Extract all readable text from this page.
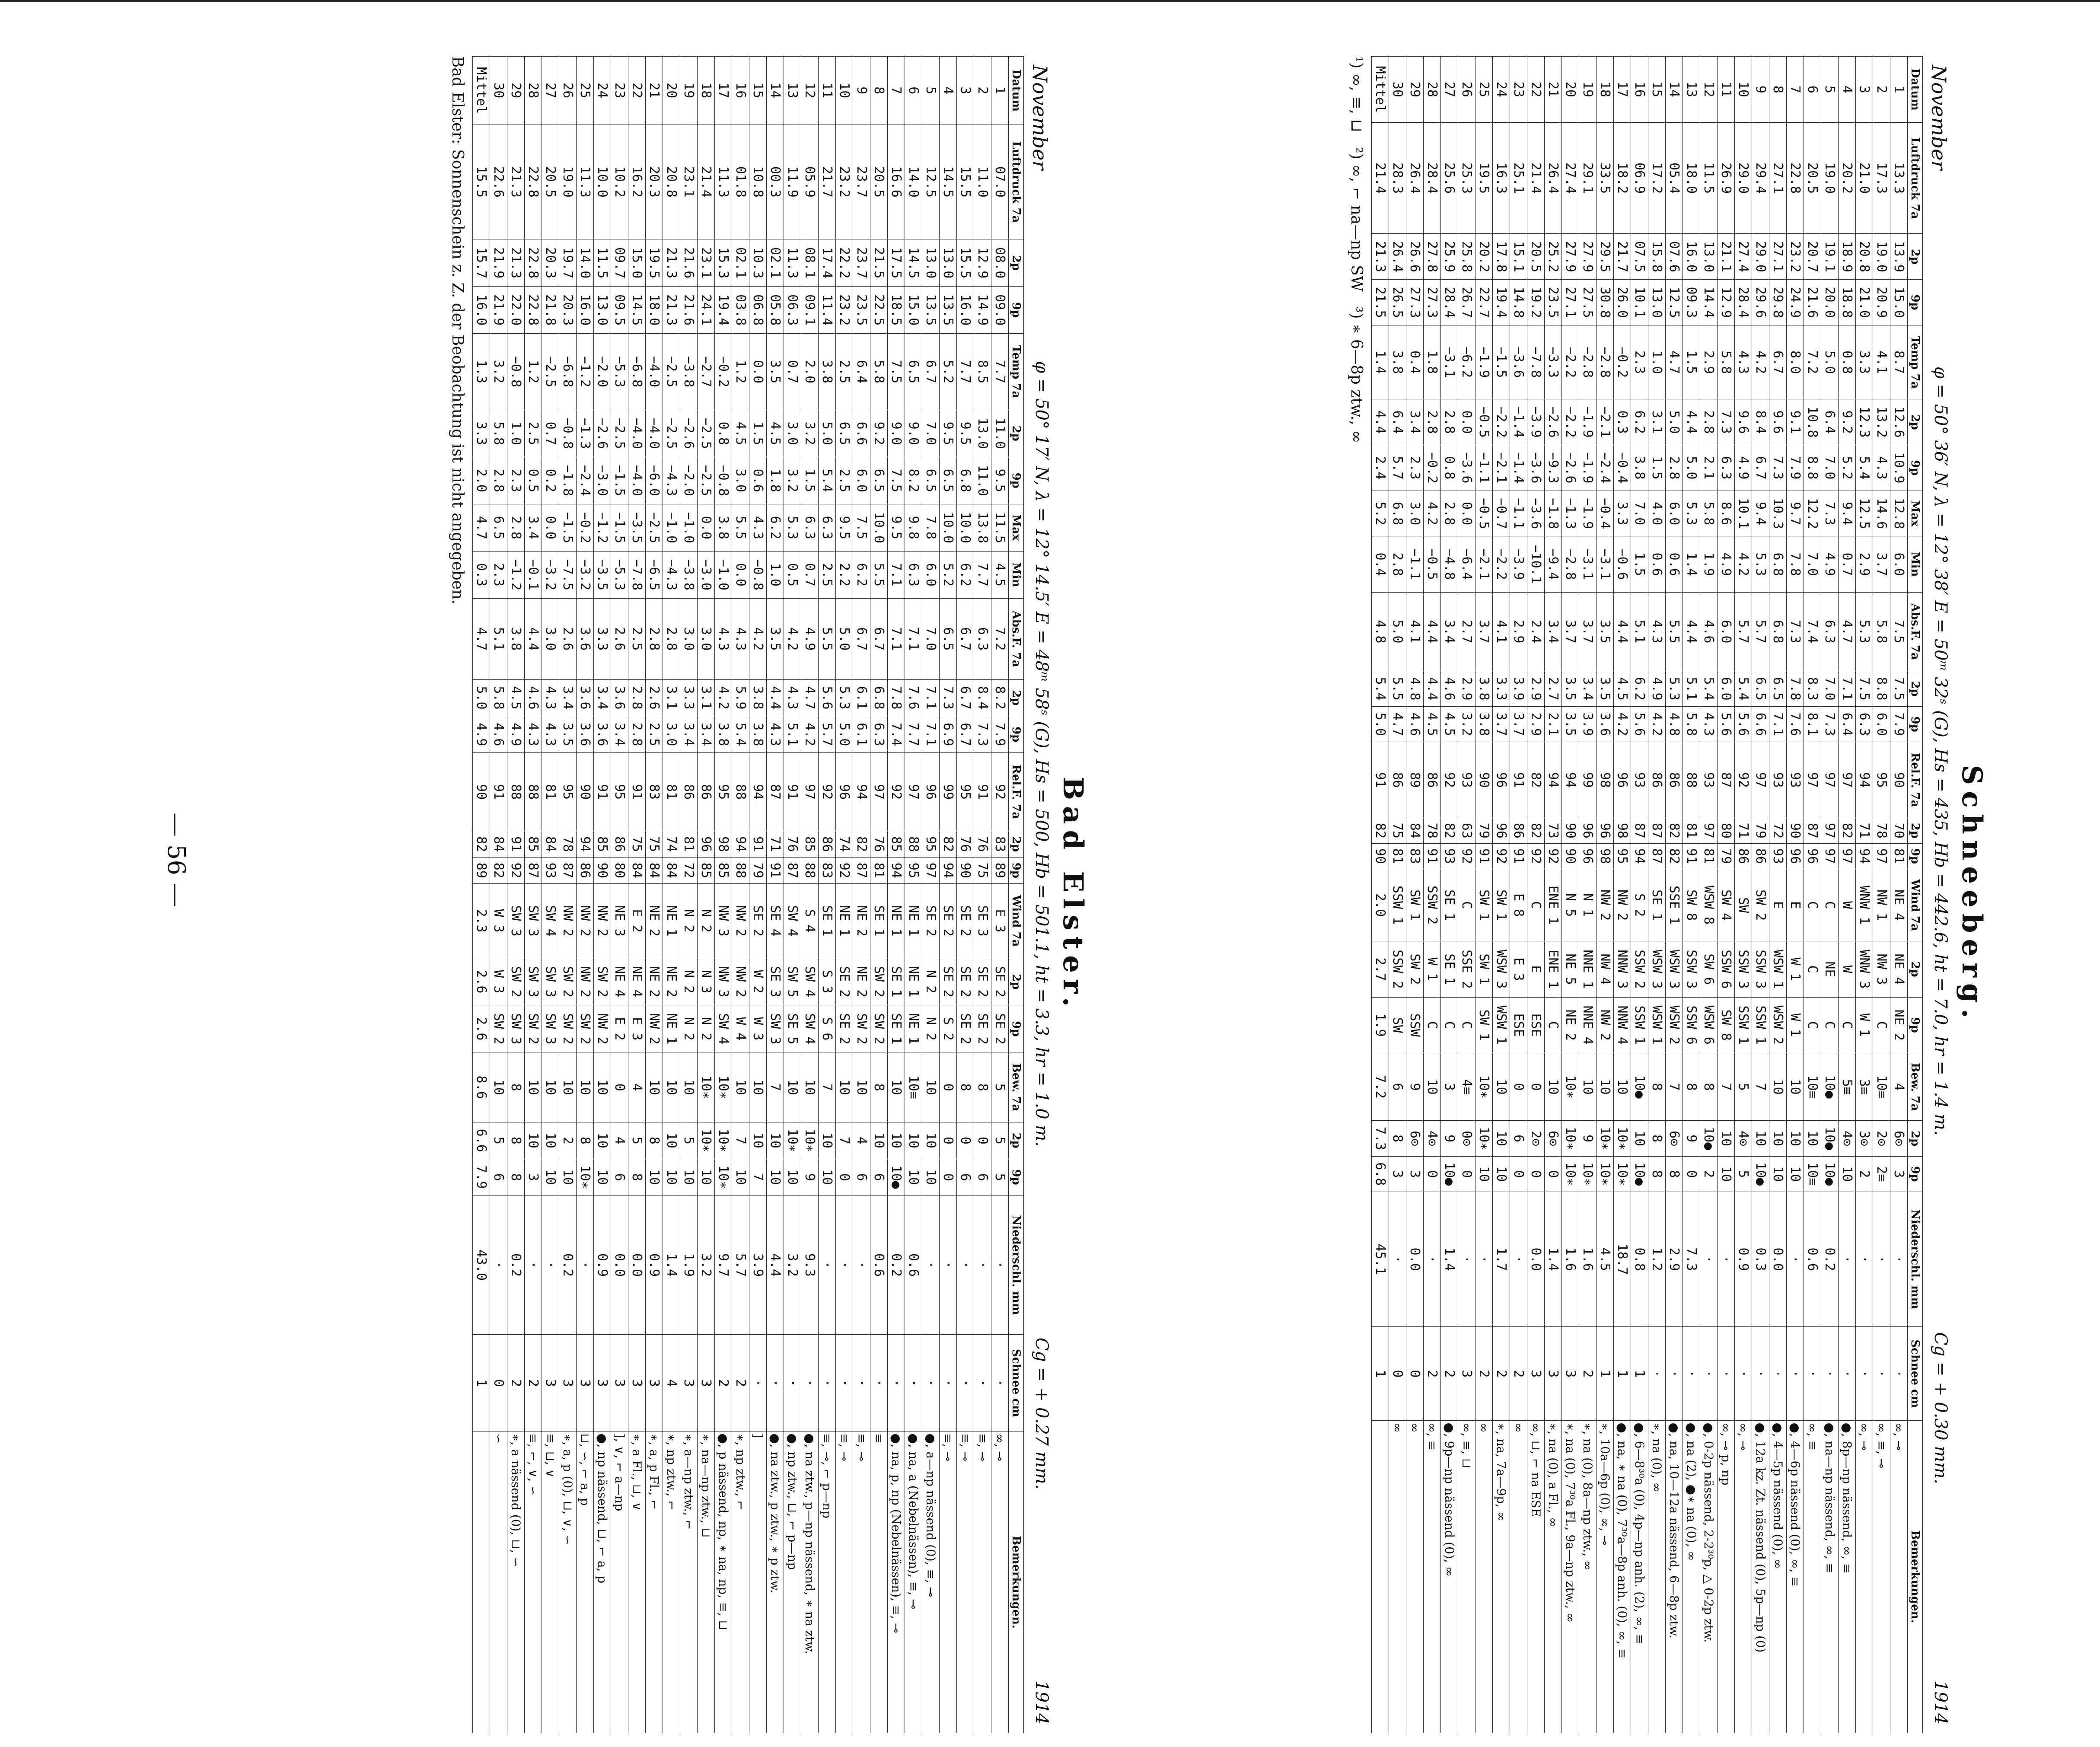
— 56 —	Schneeberg.
November
φ = 50° 36′ N, λ = 12° 38′ E = 50ᵐ 32ˢ (G), Hs = 435, Hb = 442.6, ht = 7.0, hr = 1.4 m.
Cg = + 0.30 mm.
1914
Datum	Luftdruck 7a	2p	9p	Temp 7a	2p	9p	Max	Min	Abs.F. 7a	2p	9p	Rel.F. 7a	2p	9p	Wind 7a	2p	9p	Bew. 7a	2p	9p	Niederschl. mm	Schnee cm	Bemerkungen.
1	13.3	13.9	15.0	8.7	12.6	10.9	12.8	6.0	7.5	7.5	7.9	90	70	81	NE 4	NE 4	NE 2	4	6⊙	3	·	·	∞, ⊸
2	17.3	19.0	20.9	4.1	13.2	4.3	14.6	3.7	5.8	8.8	6.0	95	78	97	NW 1	NW 3	C	10≡	2⊙	2≡	·	·	∞, ≡, ⊸
3	21.0	20.8	21.0	3.3	12.3	5.4	12.5	2.9	5.3	7.5	6.3	94	71	94	WNW 1	WNW 3	W 1	3≡	3⊙	2	·	·	∞, ⊸
4	20.2	18.9	18.8	0.8	9.2	5.2	9.4	0.7	4.7	7.1	6.4	97	82	97	W	W	C	5≡	4⊙	10	·	·	●, 8p—np nässend, ∞, ≡
5	19.0	19.1	20.0	5.0	6.4	7.0	7.3	4.9	6.3	7.0	7.3	97	97	97	C	NE	C	10●	10●	10●	0.2	·	●, na—np nässend, ∞, ≡
6	20.5	20.7	21.6	7.2	10.8	8.8	12.2	7.0	7.4	8.3	8.1	97	87	96	C	C	C	10≡	10	10≡	0.6	·	∞, ≡
7	22.8	23.2	24.9	8.0	9.1	7.9	9.7	7.8	7.3	7.8	7.6	93	90	96	E	W 1	W 1	10	10	10	·	·	●, 4—6p nässend (0), ∞, ≡
8	27.1	27.1	29.8	6.7	9.6	7.3	10.3	6.8	6.8	6.5	7.1	93	72	93	E	WSW 1	WSW 2	10	10	10	0.0	·	●, 4—5p nässend (0), ∞
9	29.4	29.0	29.6	4.2	8.4	6.7	9.4	5.3	5.7	6.5	6.6	97	79	86	SW 2	SSW 3	SSW 1	7	10	10●	0.3	·	●, 12a kz. Zt. nässend (0), 5p—np (0)
10	29.0	27.4	28.4	4.3	9.6	4.9	10.1	4.2	5.7	5.4	5.6	92	71	86	SW	SSW 3	SSW 1	5	4⊙	5	0.9	·	∞, ⊸
11	26.9	21.1	12.9	5.8	7.3	6.3	8.6	4.9	6.0	6.0	5.6	87	80	79	SW 4	SSW 6	SW 8	7	10	10	·	·	∞, ⊸ p, np
12	11.5	13.0	14.4	2.9	2.8	2.1	5.8	1.9	4.6	5.4	4.3	93	97	81	WSW 8	SW 6	WSW 6	8	10●	2	·	·	●, 0-2p nässend, 2-2³⁰p, △ 0-2p ztw.
13	18.0	16.0	09.3	1.5	4.4	5.0	5.3	1.4	4.4	5.1	5.8	88	81	91	SW 8	SSW 3	SSW 6	8	9	0	7.3	·	●, na (2), ●∗ na (0), ∞
14	05.4	07.6	12.5	4.7	5.0	2.8	6.0	0.6	5.5	5.3	4.8	86	82	82	SSE 1	WSW 3	WSW 2	7	6⊙	8	2.9	·	●, na, 10—12a nässend, 6—8p ztw.
15	17.2	15.8	13.0	1.0	3.1	1.5	4.0	0.6	4.3	4.9	4.2	86	87	87	SE 1	WSW 3	WSW 1	8	8	8	1.2	·	∗, na (0), ∞
16	06.9	07.5	10.1	2.3	6.2	3.8	7.0	1.5	5.1	6.2	5.6	93	87	94	S 2	SSW 2	SSW 1	10●	10	10●	0.8	1	●, 6—8³⁰a (0), 4p—np anh. (2), ∞, ≡
17	18.2	21.7	26.0	−0.2	0.3	−0.4	3.3	−0.6	4.4	4.5	4.2	96	98	95	NW 2	NNW 3	NNW 4	10	10∗	10∗	18.7	1	●, na, ∗ na (0), 7³⁰a—8p anh. (0), ∞, ≡
18	33.5	29.5	30.8	−2.8	−2.1	−2.4	−0.4	−3.1	3.5	3.5	3.6	98	96	98	NW 2	NW 4	NW 2	10	10∗	10∗	4.5	1	∗, 10a—6p (0), ∞, ⊸
19	29.1	27.9	27.5	−2.8	−1.9	−1.9	−1.9	−3.1	3.7	3.4	3.9	99	96	96	N 1	NNE 1	NNE 4	10	9	10∗	1.6	2	∗, na (0), 8a—np ztw., ∞
20	27.4	27.9	27.1	−2.2	−2.2	−2.6	−1.3	−2.8	3.7	3.5	3.5	94	90	90	N 5	NE 5	NE 2	10∗	10∗	10∗	1.6	3	∗, na (0), 7³⁰a Fl., 9a—np ztw., ∞
21	26.4	25.2	23.5	−3.3	−2.6	−9.3	−1.8	−9.4	3.4	2.7	2.1	94	73	92	ENE 1	ENE 1	C	10	6⊙	0	1.4	3	∗, na (0), a Fl., ∞
22	21.4	20.5	19.2	−7.8	−3.9	−3.6	−3.6	−10.1	2.4	2.9	2.9	82	82	92	C	E	ESE	0	2⊙	0	0.0	3	∞, ⊔, ⌐ na ESE
23	25.1	15.1	14.8	−3.6	−1.4	−1.4	−1.1	−3.9	2.9	3.9	3.7	91	86	91	E 8	E 3	ESE	0	6	0	·	2	∞
24	16.3	17.8	19.4	−1.5	−2.2	−2.1	−0.7	−2.2	4.1	3.3	3.7	96	96	92	SW 1	WSW 3	WSW 1	10	10	10	1.7	2	∗, na, 7a—9p, ∞
25	19.5	20.2	22.7	−1.9	−0.5	−1.1	−0.5	−2.1	3.7	3.8	3.8	90	79	91	SW 1	SW 1	SW 1	10∗	10∗	10	·	2	∞
26	25.3	25.8	26.7	−6.2	0.0	−3.6	0.0	−6.4	2.7	2.9	3.2	93	63	92	C	SSE 2	C	4≡	0⊙	0	·	3	∞, ≡, ⊔
27	25.6	25.9	28.4	−3.1	2.8	0.8	2.8	−4.8	3.4	4.6	4.5	92	82	93	SE 1	SE 1	C	3	9	10●	1.4	2	●, 9p—np nässend (0), ∞
28	28.4	27.8	27.3	1.8	2.8	−0.2	4.2	−0.5	4.4	4.4	4.5	86	78	91	SSW 2	W 1	C	10	4⊙	0	·	2	∞, ≡
29	26.4	26.6	27.3	0.4	3.4	2.3	3.0	−1.1	4.1	4.8	4.6	89	84	83	SW 1	SW 2	SSW	9	6⊙	3	0.0	0	∞
30	28.3	26.4	26.5	3.8	6.4	5.7	6.8	2.8	5.0	5.5	4.7	86	75	81	SSW 1	SSW 2	SW	6	8	3	·	0	∞
Mittel	21.4	21.3	21.5	1.4	4.4	2.4	5.2	0.4	4.8	5.4	5.0	91	82	90	2.0	2.7	1.9	7.2	7.3	6.8	45.1	1	
¹) ∞, ≡, ⊔   ²) ∞, ⌐ na—np SW   ³) ∗ 6—8p ztw., ∞
Bad Elster.
November
φ = 50° 17′ N, λ = 12° 14.5′ E = 48ᵐ 58ˢ (G), Hs = 500, Hb = 501.1, ht = 3.3, hr = 1.0 m.
Cg = + 0.27 mm.
1914
Datum	Luftdruck 7a	2p	9p	Temp 7a	2p	9p	Max	Min	Abs.F. 7a	2p	9p	Rel.F. 7a	2p	9p	Wind 7a	2p	9p	Bew. 7a	2p	9p	Niederschl. mm	Schnee cm	Bemerkungen.
1	07.0	08.0	09.0	7.7	11.0	9.5	11.5	4.5	7.2	8.2	7.9	92	83	89	E 3	SE 2	SE 2	5	5	5	·	·	∞, ⊸
2	11.0	12.9	14.9	8.5	13.0	11.0	13.8	7.7	6.3	8.4	7.3	91	76	75	SE 3	SE 2	SE 2	8	0	6	·	·	≡, ⊸
3	15.5	15.5	16.0	7.7	9.5	6.8	10.0	6.2	6.7	6.7	6.7	95	76	90	SE 2	SE 2	SE 2	8	0	6	·	·	≡, ⊸
4	14.5	13.0	13.5	5.2	9.5	6.5	10.0	5.2	6.5	7.3	6.9	99	82	94	SE 2	SE 2	S 2	0	0	0	·	·	≡, ⊸
5	12.5	13.0	13.5	6.7	7.0	6.5	7.8	6.0	7.0	7.1	7.1	96	95	97	SE 2	N 2	N 2	10	10	10	·	·	●, a—np nässend (0), ≡, ⊸
6	14.0	14.5	15.0	6.5	9.0	8.2	9.8	6.3	7.1	7.6	7.7	97	88	95	NE 1	NE 1	NE 1	10≡	10	10	0.6	·	●, na, a (Nebelnässen), ≡, ⊸
7	16.6	17.5	18.5	7.5	9.0	7.5	9.5	7.1	7.1	7.8	7.4	92	85	94	NE 1	SE 1	SE 1	10	10	10●	0.2	·	●, na, p, np (Nebelnässen), ≡, ⊸
8	20.5	21.5	22.5	5.8	9.2	6.5	10.0	5.5	6.7	6.8	6.3	97	76	81	SE 1	SW 2	SW 2	8	10	6	0.6	·	≡
9	23.7	23.7	23.5	6.4	6.6	6.0	7.5	6.2	6.7	6.1	6.1	94	82	87	NE 2	NE 2	SW 2	10	4	6	·	·	≡, ⊸
10	23.2	22.2	23.2	2.5	6.5	2.5	9.5	2.2	5.0	5.3	5.0	96	74	92	NE 1	SE 2	SE 2	10	7	0	·	·	≡, ⊸
11	21.7	17.4	11.4	3.8	5.0	5.4	6.3	2.5	5.5	5.6	5.7	92	86	83	SE 1	S 3	S 6	7	10	10	·	·	≡, ⊸, ⌐ p—np
12	05.9	08.1	09.1	2.0	3.2	1.5	6.3	0.7	4.9	4.7	4.2	97	85	88	S 4	SW 4	SW 4	10	10∗	9	9.3	·	●, na ztw., p—np nässend, ∗ na ztw.
13	11.9	11.3	06.3	0.7	3.0	3.2	5.3	0.5	4.2	4.3	5.1	91	76	87	SW 4	SW 5	SE 5	10	10∗	10	3.2	·	●, np ztw., ⊔, ⌐ p—np
14	00.3	02.1	05.8	3.5	4.5	1.8	6.2	1.0	3.5	4.4	4.3	87	71	91	SE 4	SE 3	SW 3	7	10	10	4.4	·	●, na ztw., p ztw., ∗ p ztw.
15	10.8	10.3	06.8	0.0	1.5	0.6	4.3	−0.8	4.2	3.8	3.8	94	91	79	SE 2	W 2	W 3	10	10	7	3.9	·	]
16	01.8	02.1	03.8	1.2	4.5	3.0	5.5	0.0	4.3	5.9	5.4	88	94	88	NW 2	NW 2	W 4	10	7	10	5.7	2	∗, np ztw., ⌐
17	11.3	15.3	19.4	−0.2	0.8	−0.8	3.8	−1.0	4.3	4.2	3.8	95	98	85	NW 3	NW 3	SW 4	10∗	10∗	10∗	9.7	2	●, p nässend, np, ∗ na, np, ≡, ⊔
18	21.4	23.1	24.1	−2.7	−2.5	−2.5	0.0	−3.0	3.0	3.1	3.4	86	96	85	N 2	N 3	N 2	10∗	10∗	10	3.2	3	∗, na—np ztw., ⊔
19	23.1	21.6	21.6	−3.8	−2.6	−2.0	−1.0	−3.8	3.0	3.3	3.4	86	81	72	N 2	N 2	N 2	10	5	10	1.9	3	∗, a—np ztw., ⌐
20	20.8	21.3	21.3	−2.5	−2.5	−4.3	−1.0	−4.3	2.8	3.1	3.0	81	74	84	NE 1	NE 2	NE 1	10	10	10	1.4	4	∗, np ztw., ⌐
21	20.3	19.5	18.0	−4.0	−4.0	−6.0	−2.5	−6.5	2.8	2.6	2.5	83	75	84	NE 2	NE 2	NW 2	10	8	10	0.9	3	∗, a, p Fl., ⌐
22	16.2	15.0	14.5	−6.8	−4.0	−4.0	−3.5	−7.8	2.5	2.8	2.8	91	75	84	E 2	NE 4	E 3	4	5	8	0.0	3	∗, a Fl., ⊔, ∨
23	10.2	09.7	09.5	−5.3	−2.5	−1.5	−1.5	−5.3	2.6	3.6	3.4	95	86	80	NE 3	NE 4	E 2	0	4	6	0.0	3	], ∨, ⌐ a—np
24	10.0	11.5	13.0	−2.0	−2.6	−3.0	−1.2	−3.5	3.3	3.4	3.6	91	85	90	NW 2	SW 2	NW 2	10	10	10	0.9	3	●, np nässend, ⊔, ⌐ a, p
25	11.3	14.0	16.0	−1.2	−1.3	−2.4	−0.2	−3.2	3.6	3.6	3.6	90	94	86	NW 2	NW 2	SW 2	10	8	10∗	·	3	⊔, ∽, ⌐ a, p
26	19.0	19.7	20.3	−6.8	−0.8	−1.8	−1.5	−7.5	2.6	3.4	3.5	95	78	87	NW 2	SW 2	SW 2	10	2	10	0.2	3	∗, a, p (0), ⊔, ∨, ∽
27	20.5	20.3	21.8	−2.5	0.7	0.2	0.0	−3.2	3.0	4.3	4.3	81	84	93	SW 4	SW 3	SW 3	10	10	10	·	3	≡, ⊔, ∨
28	22.8	22.8	22.8	1.2	2.5	0.5	3.4	−0.1	4.4	4.6	4.3	88	85	87	SW 3	SW 3	SW 2	10	10	3	·	2	≡, ⌐, ∨, ∽
29	21.3	21.3	22.0	−0.8	1.0	2.3	2.8	−1.2	3.8	4.5	4.9	88	91	92	SW 3	SW 2	SW 3	8	8	8	0.2	2	∗, a nässend (0), ⊔, ∽
30	22.6	21.9	21.9	3.2	5.8	2.8	6.5	2.3	5.1	5.8	4.6	91	84	82	W 3	W 3	SW 2	10	5	6	·	0	∽
Mittel	15.5	15.7	16.0	1.3	3.3	2.0	4.7	0.3	4.7	5.0	4.9	90	82	89	2.3	2.6	2.6	8.6	6.6	7.9	43.0	1	
Bad Elster: Sonnenschein z. Z. der Beobachtung ist nicht angegeben.
